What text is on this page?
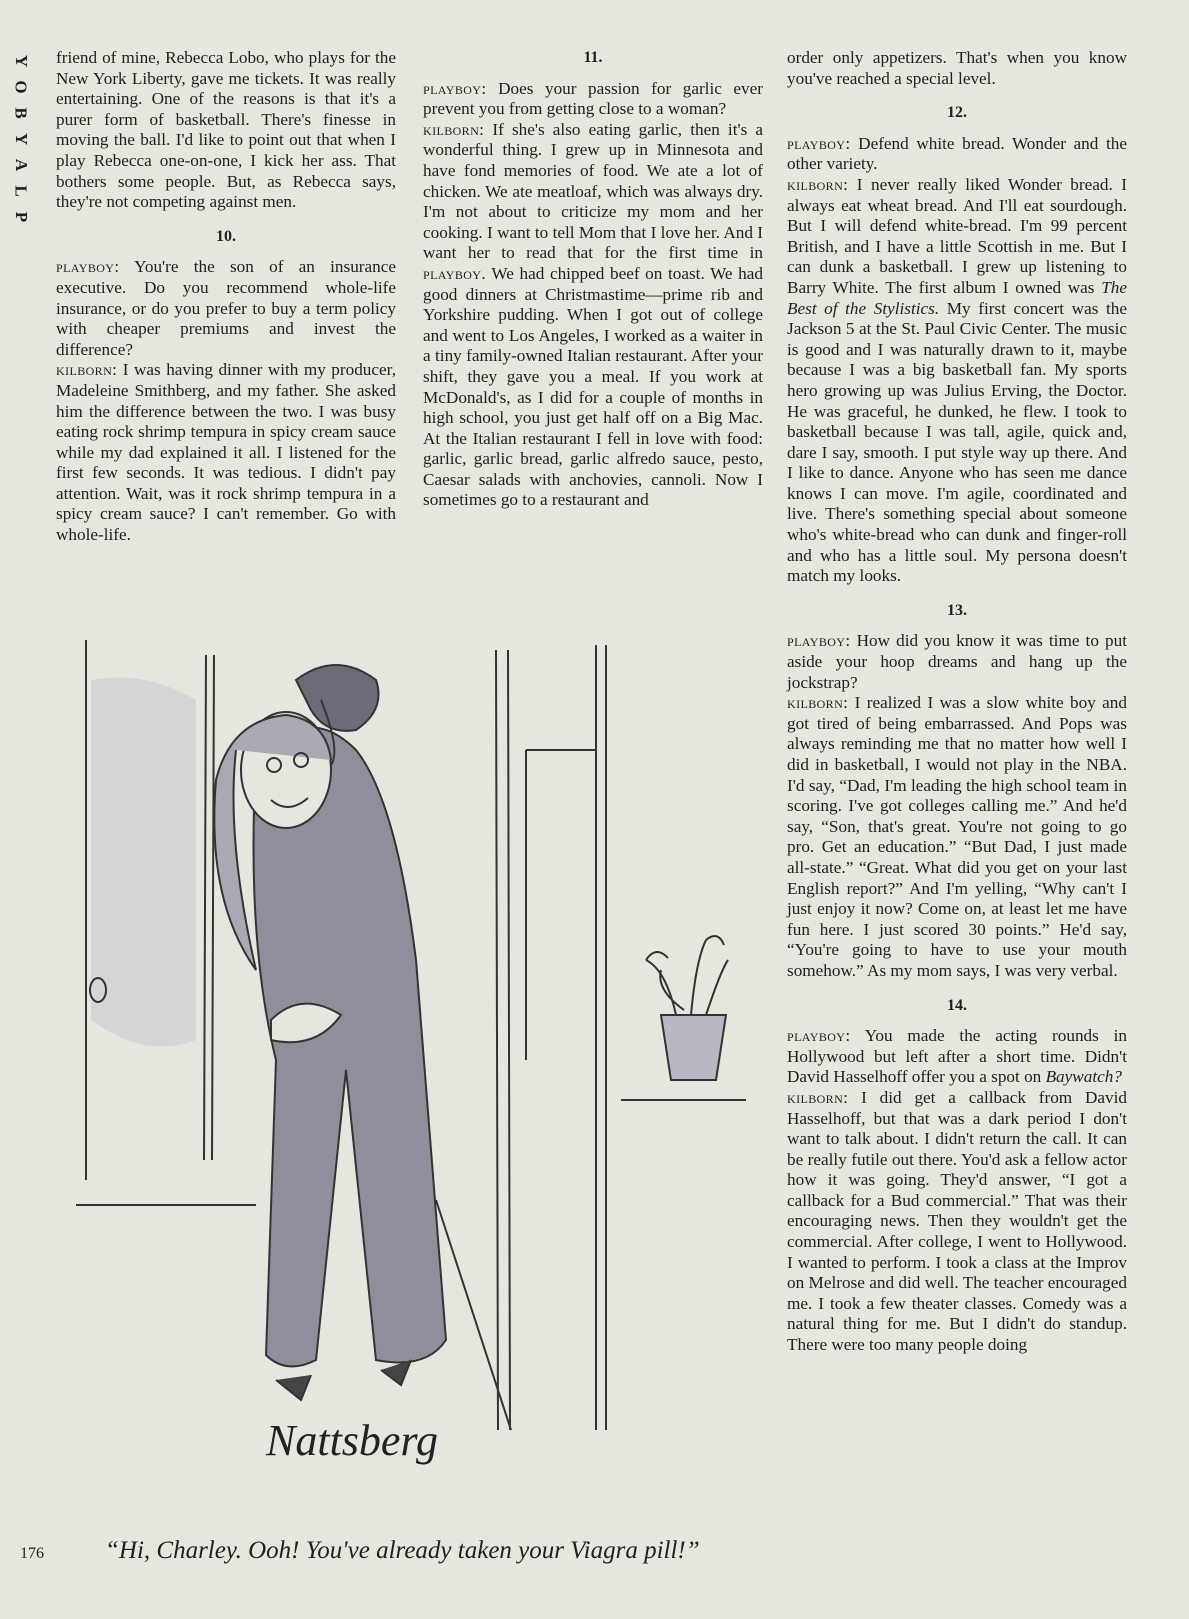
Y
O
B
Y
A
L
P

friend of mine, Rebecca Lobo, who plays for the New York Liberty, gave me tickets. It was really entertaining. One of the reasons is that it's a purer form of basketball. There's finesse in moving the ball. I'd like to point out that when I play Rebecca one-on-one, I kick her ass. That bothers some people. But, as Rebecca says, they're not competing against men.

10.

playboy: You're the son of an insurance executive. Do you recommend whole-life insurance, or do you prefer to buy a term policy with cheaper premiums and invest the difference?

kilborn: I was having dinner with my producer, Madeleine Smithberg, and my father. She asked him the difference between the two. I was busy eating rock shrimp tempura in spicy cream sauce while my dad explained it all. I listened for the first few seconds. It was tedious. I didn't pay attention. Wait, was it rock shrimp tempura in a spicy cream sauce? I can't remember. Go with whole-life.

11.

playboy: Does your passion for garlic ever prevent you from getting close to a woman?

kilborn: If she's also eating garlic, then it's a wonderful thing. I grew up in Minnesota and have fond memories of food. We ate a lot of chicken. We ate meatloaf, which was always dry. I'm not about to criticize my mom and her cooking. I want to tell Mom that I love her. And I want her to read that for the first time in playboy. We had chipped beef on toast. We had good dinners at Christmastime—prime rib and Yorkshire pudding. When I got out of college and went to Los Angeles, I worked as a waiter in a tiny family-owned Italian restaurant. After your shift, they gave you a meal. If you work at McDonald's, as I did for a couple of months in high school, you just get half off on a Big Mac. At the Italian restaurant I fell in love with food: garlic, garlic bread, garlic alfredo sauce, pesto, Caesar salads with anchovies, cannoli. Now I sometimes go to a restaurant and

order only appetizers. That's when you know you've reached a special level.

12.

playboy: Defend white bread. Wonder and the other variety.

kilborn: I never really liked Wonder bread. I always eat wheat bread. And I'll eat sourdough. But I will defend white-bread. I'm 99 percent British, and I have a little Scottish in me. But I can dunk a basketball. I grew up listening to Barry White. The first album I owned was The Best of the Stylistics. My first concert was the Jackson 5 at the St. Paul Civic Center. The music is good and I was naturally drawn to it, maybe because I was a big basketball fan. My sports hero growing up was Julius Erving, the Doctor. He was graceful, he dunked, he flew. I took to basketball because I was tall, agile, quick and, dare I say, smooth. I put style way up there. And I like to dance. Anyone who has seen me dance knows I can move. I'm agile, coordinated and live. There's something special about someone who's white-bread who can dunk and finger-roll and who has a little soul. My persona doesn't match my looks.

13.

playboy: How did you know it was time to put aside your hoop dreams and hang up the jockstrap?

kilborn: I realized I was a slow white boy and got tired of being embarrassed. And Pops was always reminding me that no matter how well I did in basketball, I would not play in the NBA. I'd say, “Dad, I'm leading the high school team in scoring. I've got colleges calling me.” And he'd say, “Son, that's great. You're not going to go pro. Get an education.” “But Dad, I just made all-state.” “Great. What did you get on your last English report?” And I'm yelling, “Why can't I just enjoy it now? Come on, at least let me have fun here. I just scored 30 points.” He'd say, “You're going to have to use your mouth somehow.” As my mom says, I was very verbal.

14.

playboy: You made the acting rounds in Hollywood but left after a short time. Didn't David Hasselhoff offer you a spot on Baywatch?

kilborn: I did get a callback from David Hasselhoff, but that was a dark period I don't want to talk about. I didn't return the call. It can be really futile out there. You'd ask a fellow actor how it was going. They'd answer, “I got a callback for a Bud commercial.” That was their encouraging news. Then they wouldn't get the commercial. After college, I went to Hollywood. I wanted to perform. I took a class at the Improv on Melrose and did well. The teacher encouraged me. I took a few theater classes. Comedy was a natural thing for me. But I didn't do standup. There were too many people doing

Nattsberg
176 “Hi, Charley. Ooh! You've already taken your Viagra pill!”
